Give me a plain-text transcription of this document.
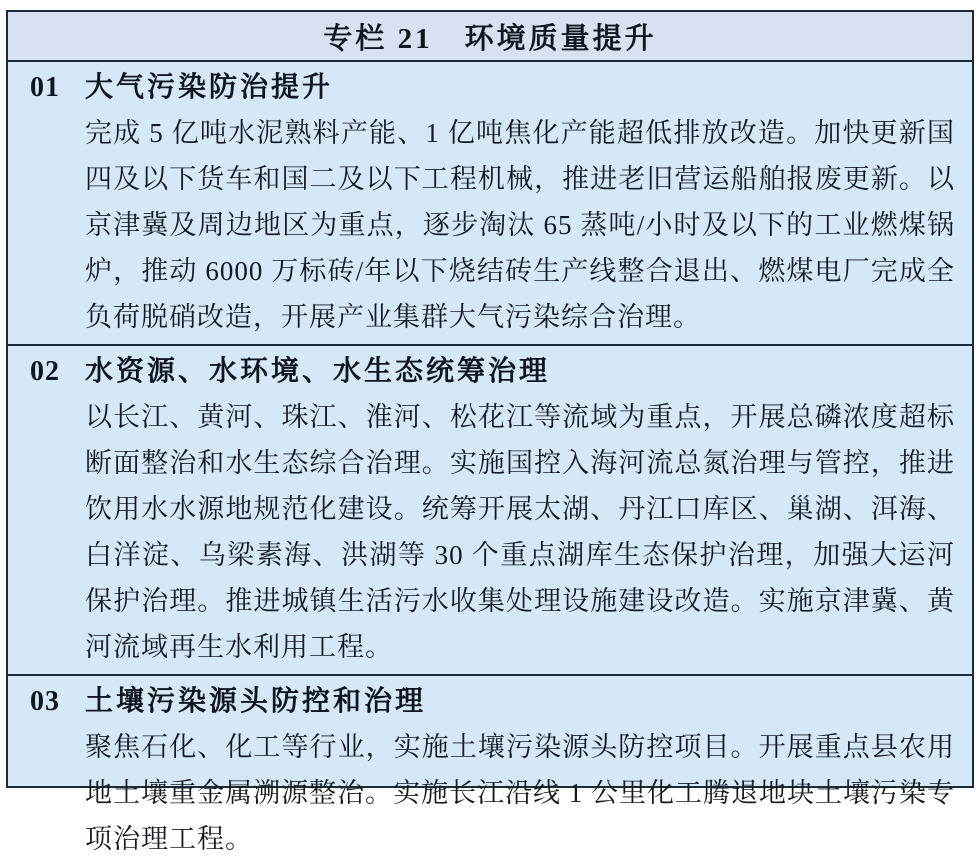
专栏 21　环境质量提升
01 大气污染防治提升

完成 5 亿吨水泥熟料产能、1 亿吨焦化产能超低排放改造。加快更新国四及以下货车和国二及以下工程机械，推进老旧营运船舶报废更新。以京津冀及周边地区为重点，逐步淘汰 65 蒸吨/小时及以下的工业燃煤锅炉，推动 6000 万标砖/年以下烧结砖生产线整合退出、燃煤电厂完成全负荷脱硝改造，开展产业集群大气污染综合治理。

02 水资源、水环境、水生态统筹治理

以长江、黄河、珠江、淮河、松花江等流域为重点，开展总磷浓度超标断面整治和水生态综合治理。实施国控入海河流总氮治理与管控，推进饮用水水源地规范化建设。统筹开展太湖、丹江口库区、巢湖、洱海、白洋淀、乌梁素海、洪湖等 30 个重点湖库生态保护治理，加强大运河保护治理。推进城镇生活污水收集处理设施建设改造。实施京津冀、黄河流域再生水利用工程。

03 土壤污染源头防控和治理

聚焦石化、化工等行业，实施土壤污染源头防控项目。开展重点县农用地土壤重金属溯源整治。实施长江沿线 1 公里化工腾退地块土壤污染专项治理工程。
